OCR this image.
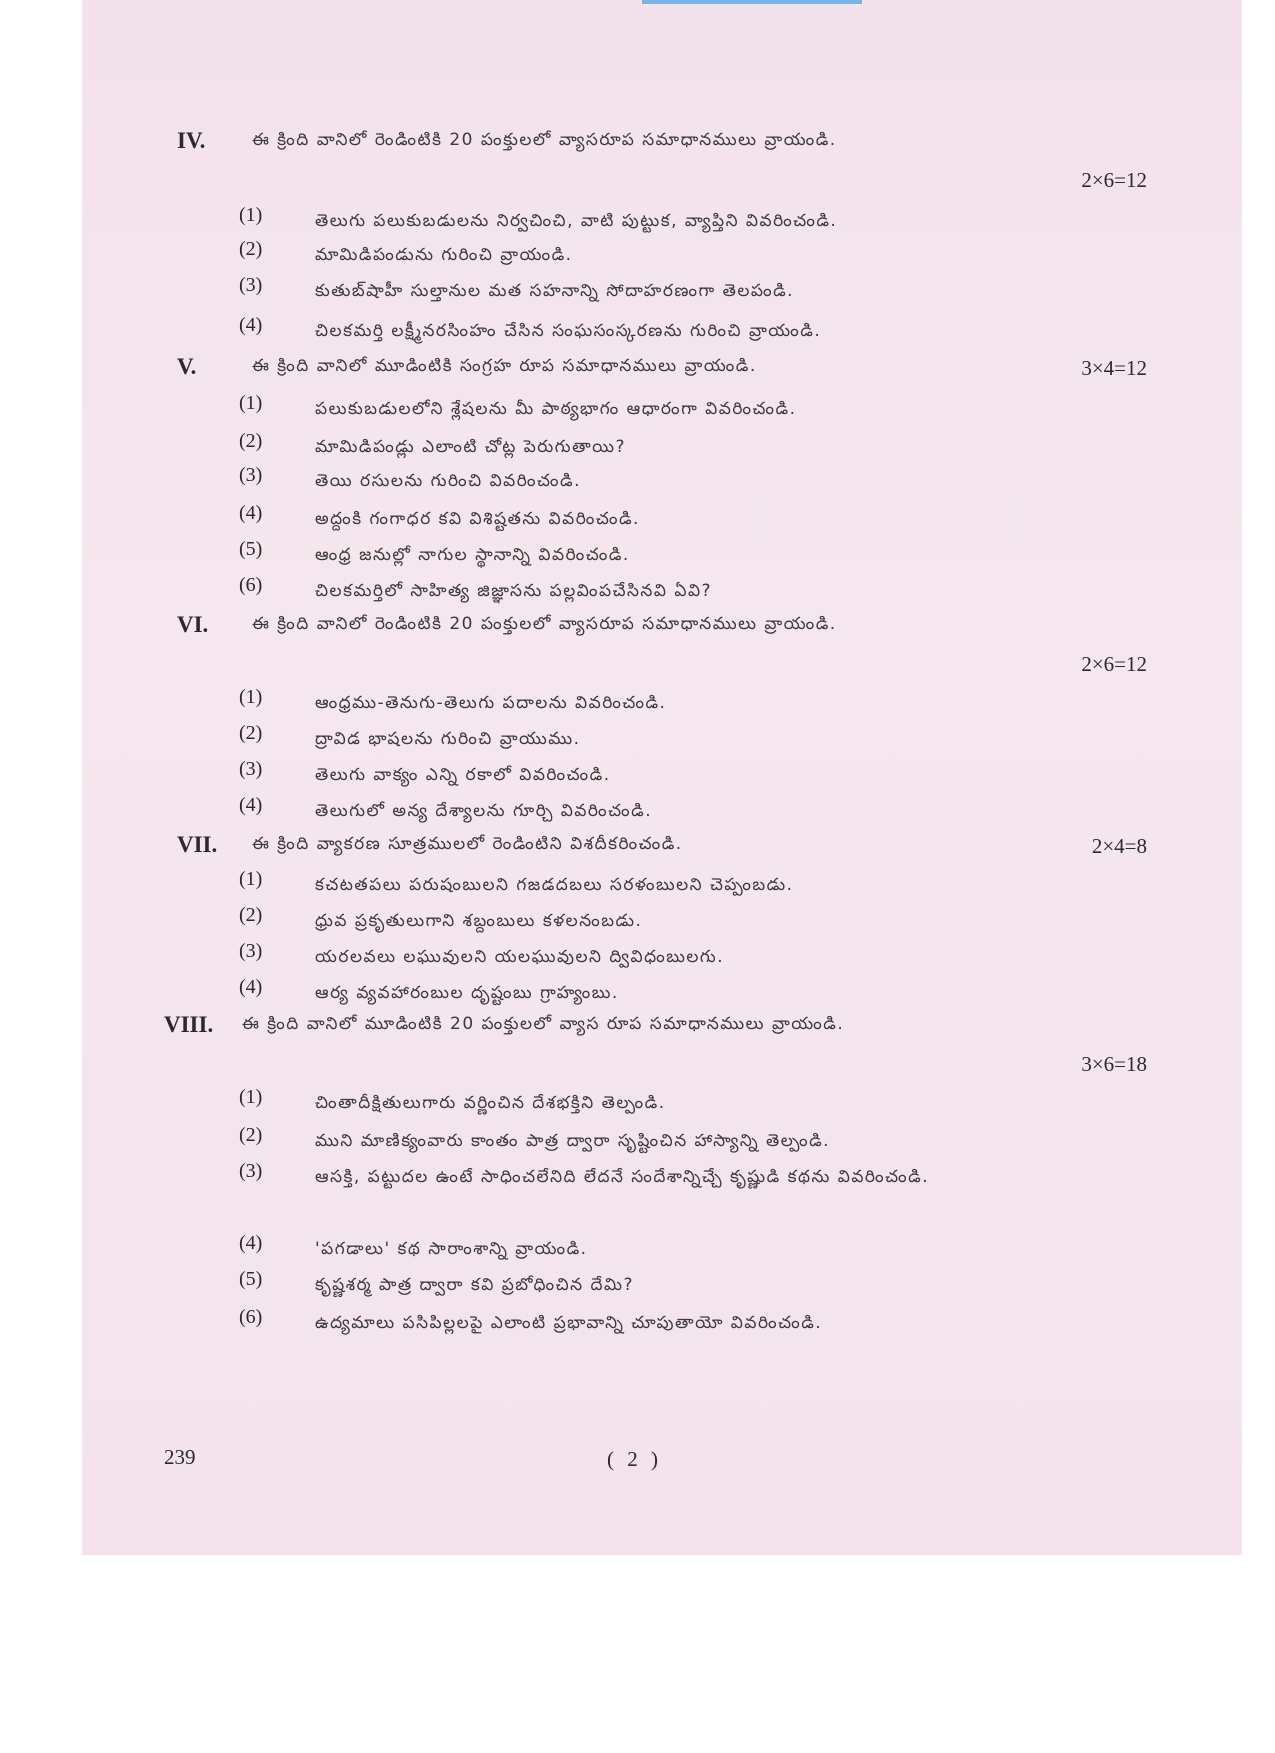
IV.	ఈ క్రింది వానిలో రెండింటికి 20 పంక్తులలో వ్యాసరూప సమాధానములు వ్రాయండి.
2×6=12
(1)	తెలుగు పలుకుబడులను నిర్వచించి, వాటి పుట్టుక, వ్యాప్తిని వివరించండి.
(2)	మామిడిపండును గురించి వ్రాయండి.
(3)	కుతుబ్‌షాహీ సుల్తానుల మత సహనాన్ని సోదాహరణంగా తెలపండి.
(4)	చిలకమర్తి లక్ష్మీనరసింహం చేసిన సంఘసంస్కరణను గురించి వ్రాయండి.
V.	ఈ క్రింది వానిలో మూడింటికి సంగ్రహ రూప సమాధానములు వ్రాయండి.	3×4=12
(1)	పలుకుబడులలోని శ్లేషలను మీ పాఠ్యభాగం ఆధారంగా వివరించండి.
(2)	మామిడిపండ్లు ఎలాంటి చోట్ల పెరుగుతాయి?
(3)	తెయి రసులను గురించి వివరించండి.
(4)	అద్దంకి గంగాధర కవి విశిష్టతను వివరించండి.
(5)	ఆంధ్ర జనుల్లో నాగుల స్థానాన్ని వివరించండి.
(6)	చిలకమర్తిలో సాహిత్య జిజ్ఞాసను పల్లవింపచేసినవి ఏవి?
VI.	ఈ క్రింది వానిలో రెండింటికి 20 పంక్తులలో వ్యాసరూప సమాధానములు వ్రాయండి.
2×6=12
(1)	ఆంధ్రము-తెనుగు-తెలుగు పదాలను వివరించండి.
(2)	ద్రావిడ భాషలను గురించి వ్రాయుము.
(3)	తెలుగు వాక్యం ఎన్ని రకాలో వివరించండి.
(4)	తెలుగులో అన్య దేశ్యాలను గూర్చి వివరించండి.
VII. ఈ క్రింది వ్యాకరణ సూత్రములలో రెండింటిని విశదీకరించండి.	2×4=8
(1)	కచటతపలు పరుషంబులని గజడదబలు సరళంబులని చెప్పంబడు.
(2)	ధ్రువ ప్రకృతులుగాని శబ్దంబులు కళలనంబడు.
(3)	యరలవలు లఘువులని యలఘువులని ద్వివిధంబులగు.
(4)	ఆర్య వ్యవహారంబుల దృష్టంబు గ్రాహ్యంబు.
VIII. ఈ క్రింది వానిలో మూడింటికి 20 పంక్తులలో వ్యాస రూప సమాధానములు వ్రాయండి.
3×6=18
(1)	చింతాదీక్షితులుగారు వర్ణించిన దేశభక్తిని తెల్పండి.
(2)	ముని మాణిక్యంవారు కాంతం పాత్ర ద్వారా సృష్టించిన హాస్యాన్ని తెల్పండి.
(3)	ఆసక్తి, పట్టుదల ఉంటే సాధించలేనిది లేదనే సందేశాన్నిచ్చే కృష్ణుడి కథను వివరించండి.
(4)	'పగడాలు' కథ సారాంశాన్ని వ్రాయండి.
(5)	కృష్ణశర్మ పాత్ర ద్వారా కవి ప్రబోధించిన దేమి?
(6)	ఉద్యమాలు పసిపిల్లలపై ఎలాంటి ప్రభావాన్ని చూపుతాయో వివరించండి.
239	( 2 )
